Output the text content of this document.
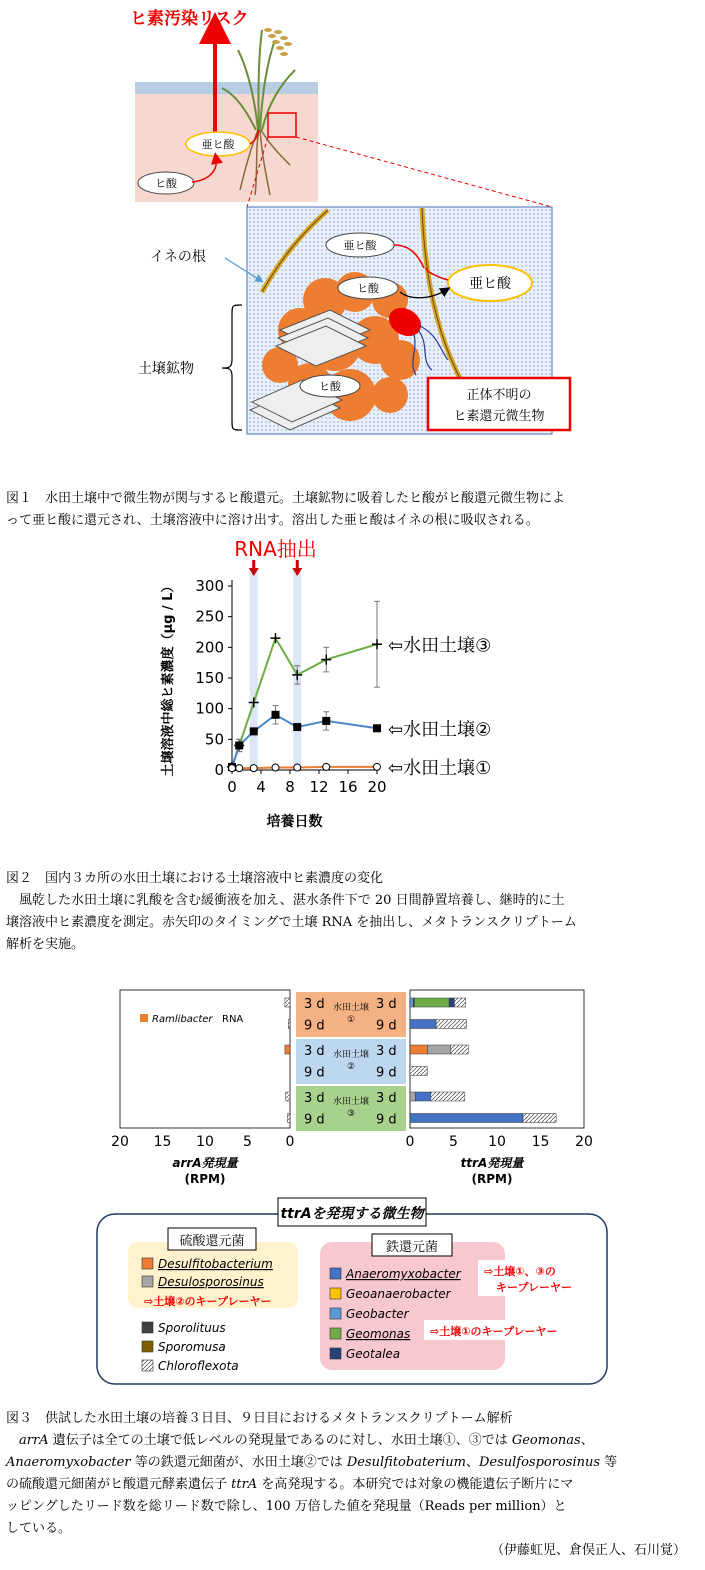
ヒ素汚染リスク
亜ヒ酸
ヒ酸
亜ヒ酸
ヒ酸	亜ヒ酸
ヒ酸
正体不明の
ヒ素還元微生物
イネの根
土壌鉱物

図１　水田土壌中で微生物が関与するヒ酸還元。土壌鉱物に吸着したヒ酸がヒ酸還元微生物によ

って亜ヒ酸に還元され、土壌溶液中に溶け出す。溶出した亜ヒ酸はイネの根に吸収される。

RNA抽出
0
50
100
150
200
250
300
0 4 8 12 16 20
培養日数
土壌溶液中総ヒ素濃度（µg / L）	⇦水田土壌③
⇦水田土壌②
⇦水田土壌①

図２　国内３カ所の水田土壌における土壌溶液中ヒ素濃度の変化

風乾した水田土壌に乳酸を含む緩衝液を加え、湛水条件下で 20 日間静置培養し、継時的に土

壌溶液中ヒ素濃度を測定。赤矢印のタイミングで土壌 RNA を抽出し、メタトランスクリプトーム

解析を実施。

水田土壌
①
水田土壌
②
水田土壌
③
3 d	3 d
9 d	9 d
3 d	3 d
9 d	9 d
3 d	3 d
9 d	9 d
Ramlibacter RNA
20 15 10 5 0	0 5 10 15 20
arrA発現量
(RPM)
ttrA発現量
(RPM)
ttrAを発現する微生物
硫酸還元菌	鉄還元菌
Desulfitobacterium
Desulosporosinus
Sporolituus
Sporomusa
Chloroflexota
Anaeromyxobacter
Geoanaerobacter
Geobacter
Geomonas
Geotalea
⇨土壌①、③の
キープレーヤー
⇨土壌①のキープレーヤー
⇨土壌②のキープレーヤー

図３　供試した水田土壌の培養３日目、９日目におけるメタトランスクリプトーム解析

arrA 遺伝子は全ての土壌で低レベルの発現量であるのに対し、水田土壌①、③では Geomonas、

Anaeromyxobacter 等の鉄還元細菌が、水田土壌②では Desulfitobaterium、Desulfosporosinus 等

の硫酸還元細菌がヒ酸還元酵素遺伝子 ttrA を高発現する。本研究では対象の機能遺伝子断片にマ

ッピングしたリード数を総リード数で除し、100 万倍した値を発現量（Reads per million）と

している。

（伊藤虹児、倉俣正人、石川覚）
